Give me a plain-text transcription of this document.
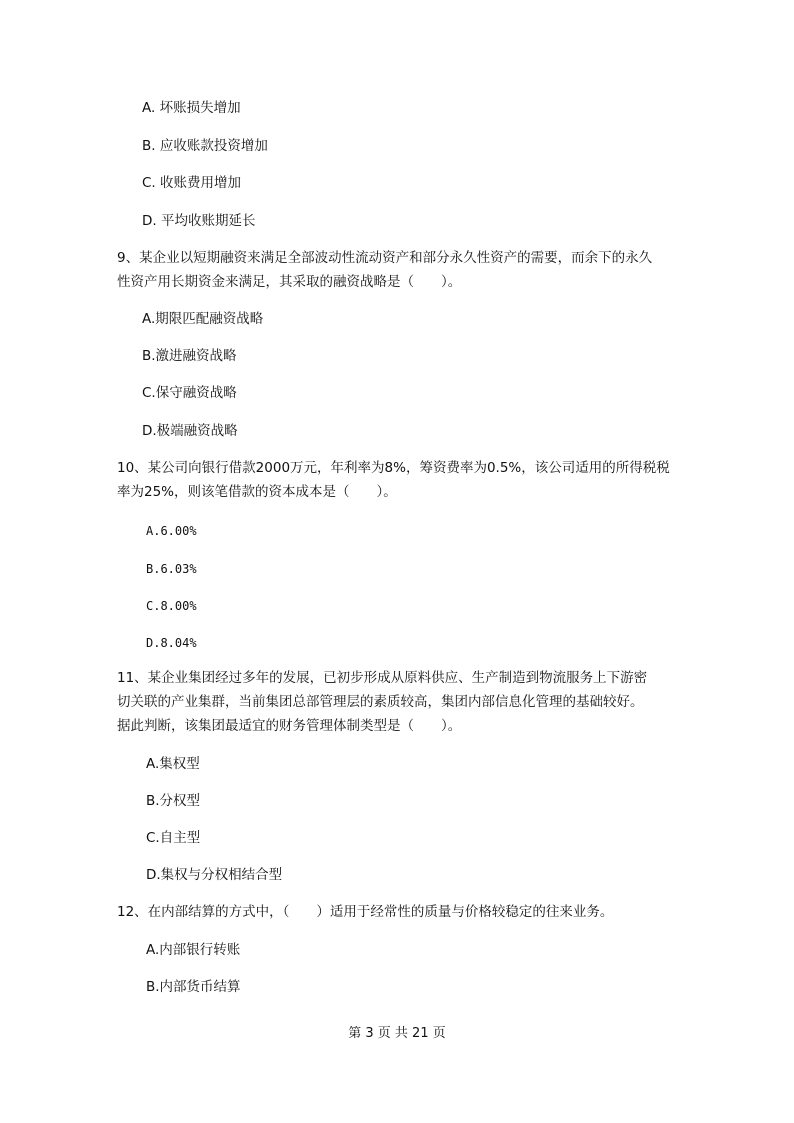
A. 坏账损失增加
B. 应收账款投资增加
C. 收账费用增加
D. 平均收账期延长
9、某企业以短期融资来满足全部波动性流动资产和部分永久性资产的需要，而余下的永久
性资产用长期资金来满足，其采取的融资战略是（　　）。
A.期限匹配融资战略
B.激进融资战略
C.保守融资战略
D.极端融资战略
10、某公司向银行借款2000万元，年利率为8%，筹资费率为0.5%，该公司适用的所得税税
率为25%，则该笔借款的资本成本是（　　）。
A.6.00%
B.6.03%
C.8.00%
D.8.04%
11、某企业集团经过多年的发展，已初步形成从原料供应、生产制造到物流服务上下游密
切关联的产业集群，当前集团总部管理层的素质较高，集团内部信息化管理的基础较好。
据此判断，该集团最适宜的财务管理体制类型是（　　）。
A.集权型
B.分权型
C.自主型
D.集权与分权相结合型
12、在内部结算的方式中，（　　）适用于经常性的质量与价格较稳定的往来业务。
A.内部银行转账
B.内部货币结算
第 3 页 共 21 页
